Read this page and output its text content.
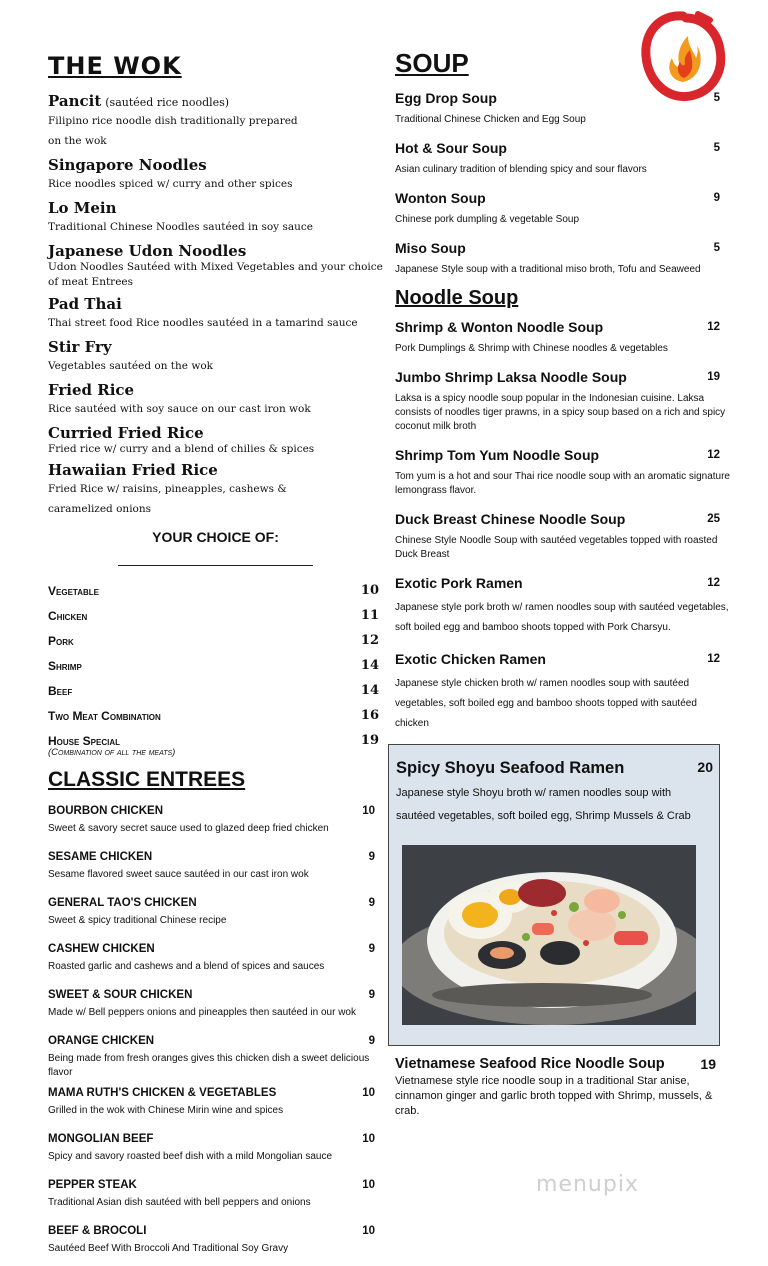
THE WOK
Pancit (sautéed rice noodles)
Filipino rice noodle dish traditionally prepared on the wok
Singapore Noodles
Rice noodles spiced w/ curry and other spices
Lo Mein
Traditional Chinese Noodles sautéed in soy sauce
Japanese Udon Noodles
Udon Noodles Sautéed with Mixed Vegetables and your choice of meat Entrees
Pad Thai
Thai street food Rice noodles sautéed in a tamarind sauce
Stir Fry
Vegetables sautéed on the wok
Fried Rice
Rice sautéed with soy sauce on our cast iron wok
Curried Fried Rice
Fried rice w/ curry and a blend of chilies & spices
Hawaiian Fried Rice
Fried Rice w/ raisins, pineapples, cashews & caramelized onions
YOUR CHOICE OF:
Vegetable	10
Chicken	11
Pork	12
Shrimp	14
Beef	14
Two Meat Combination	16
House Special	19
(Combination of all the meats)
CLASSIC ENTREES
BOURBON CHICKEN	10
Sweet & savory secret sauce used to glazed deep fried chicken
SESAME CHICKEN	9
Sesame flavored sweet sauce sautéed in our cast iron wok
GENERAL TAO'S CHICKEN	9
Sweet & spicy traditional Chinese recipe
CASHEW CHICKEN	9
Roasted garlic and cashews and a blend of spices and sauces
SWEET & SOUR CHICKEN	9
Made w/ Bell peppers onions and pineapples then sautéed in our wok
ORANGE CHICKEN	9
Being made from fresh oranges gives this chicken dish a sweet delicious flavor
MAMA RUTH'S CHICKEN & VEGETABLES	10
Grilled in the wok with Chinese Mirin wine and spices
MONGOLIAN BEEF	10
Spicy and savory roasted beef dish with a mild Mongolian sauce
PEPPER STEAK	10
Traditional Asian dish sautéed with bell peppers and onions
BEEF & BROCOLI	10
Sautéed Beef With Broccoli And Traditional Soy Gravy
SOUP
Egg Drop Soup	5
Traditional Chinese Chicken and Egg Soup
Hot & Sour Soup	5
Asian culinary tradition of blending spicy and sour flavors
Wonton Soup	9
Chinese pork dumpling & vegetable Soup
Miso Soup	5
Japanese Style soup with a traditional miso broth, Tofu and Seaweed
Noodle Soup
Shrimp & Wonton Noodle Soup	12
Pork Dumplings & Shrimp with Chinese noodles & vegetables
Jumbo Shrimp Laksa Noodle Soup	19
Laksa is a spicy noodle soup popular in the Indonesian cuisine. Laksa consists of noodles tiger prawns, in a spicy soup based on a rich and spicy coconut milk broth
Shrimp Tom Yum Noodle Soup	12
Tom yum is a hot and sour Thai rice noodle soup with an aromatic signature lemongrass flavor.
Duck Breast Chinese Noodle Soup	25
Chinese Style Noodle Soup with sautéed vegetables topped with roasted Duck Breast
Exotic Pork Ramen	12
Japanese style pork broth w/ ramen noodles soup with sautéed vegetables, soft boiled egg and bamboo shoots topped with Pork Charsyu.
Exotic Chicken Ramen	12
Japanese style chicken broth w/ ramen noodles soup with sautéed vegetables, soft boiled egg and bamboo shoots topped with sautéed chicken
Spicy Shoyu Seafood Ramen	20
Japanese style Shoyu broth w/ ramen noodles soup with
sautéed vegetables, soft boiled egg, Shrimp Mussels & Crab
Vietnamese Seafood Rice Noodle Soup	19
Vietnamese style rice noodle soup in a traditional Star anise, cinnamon ginger and garlic broth topped with Shrimp, mussels, & crab.
menupix
